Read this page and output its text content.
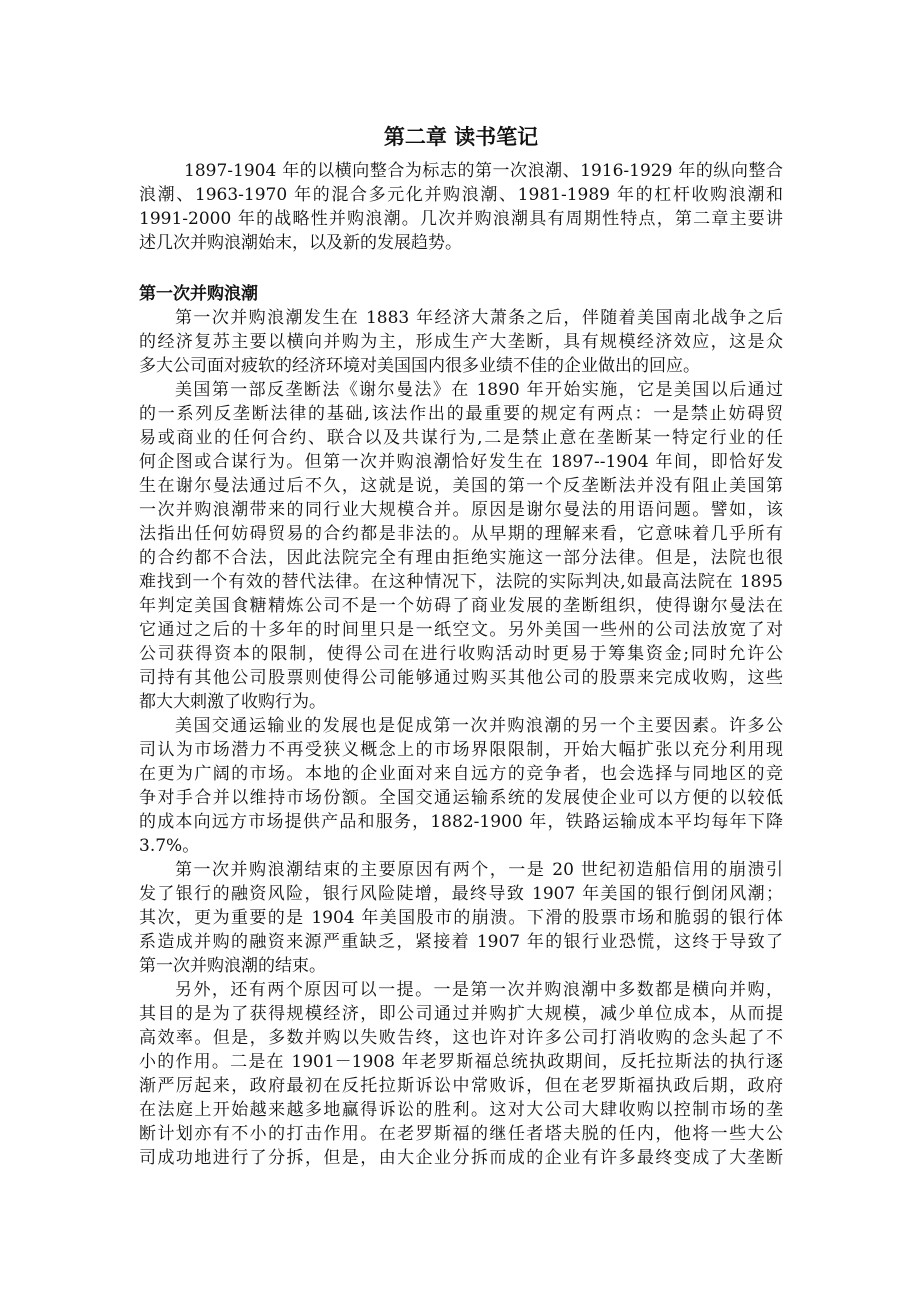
第二章 读书笔记
1897-1904 年的以横向整合为标志的第一次浪潮、1916-1929 年的纵向整合
浪潮、1963-1970 年的混合多元化并购浪潮、1981-1989 年的杠杆收购浪潮和
1991-2000 年的战略性并购浪潮。几次并购浪潮具有周期性特点，第二章主要讲
述几次并购浪潮始末，以及新的发展趋势。
第一次并购浪潮
第一次并购浪潮发生在 1883 年经济大萧条之后，伴随着美国南北战争之后
的经济复苏主要以横向并购为主，形成生产大垄断，具有规模经济效应，这是众
多大公司面对疲软的经济环境对美国国内很多业绩不佳的企业做出的回应。
美国第一部反垄断法《谢尔曼法》在 1890 年开始实施，它是美国以后通过
的一系列反垄断法律的基础,该法作出的最重要的规定有两点：一是禁止妨碍贸
易或商业的任何合约、联合以及共谋行为,二是禁止意在垄断某一特定行业的任
何企图或合谋行为。但第一次并购浪潮恰好发生在 1897--1904 年间，即恰好发
生在谢尔曼法通过后不久，这就是说，美国的第一个反垄断法并没有阻止美国第
一次并购浪潮带来的同行业大规模合并。原因是谢尔曼法的用语问题。譬如，该
法指出任何妨碍贸易的合约都是非法的。从早期的理解来看，它意味着几乎所有
的合约都不合法，因此法院完全有理由拒绝实施这一部分法律。但是，法院也很
难找到一个有效的替代法律。在这种情况下，法院的实际判决,如最高法院在 1895
年判定美国食糖精炼公司不是一个妨碍了商业发展的垄断组织，使得谢尔曼法在
它通过之后的十多年的时间里只是一纸空文。另外美国一些州的公司法放宽了对
公司获得资本的限制，使得公司在进行收购活动时更易于筹集资金;同时允许公
司持有其他公司股票则使得公司能够通过购买其他公司的股票来完成收购，这些
都大大刺激了收购行为。
美国交通运输业的发展也是促成第一次并购浪潮的另一个主要因素。许多公
司认为市场潜力不再受狭义概念上的市场界限限制，开始大幅扩张以充分利用现
在更为广阔的市场。本地的企业面对来自远方的竞争者，也会选择与同地区的竞
争对手合并以维持市场份额。全国交通运输系统的发展使企业可以方便的以较低
的成本向远方市场提供产品和服务，1882-1900 年，铁路运输成本平均每年下降
3.7%。
第一次并购浪潮结束的主要原因有两个，一是 20 世纪初造船信用的崩溃引
发了银行的融资风险，银行风险陡增，最终导致 1907 年美国的银行倒闭风潮；
其次，更为重要的是 1904 年美国股市的崩溃。下滑的股票市场和脆弱的银行体
系造成并购的融资来源严重缺乏，紧接着 1907 年的银行业恐慌，这终于导致了
第一次并购浪潮的结束。
另外，还有两个原因可以一提。一是第一次并购浪潮中多数都是横向并购，
其目的是为了获得规模经济，即公司通过并购扩大规模，减少单位成本，从而提
高效率。但是，多数并购以失败告终，这也许对许多公司打消收购的念头起了不
小的作用。二是在 1901－1908 年老罗斯福总统执政期间，反托拉斯法的执行逐
渐严厉起来，政府最初在反托拉斯诉讼中常败诉，但在老罗斯福执政后期，政府
在法庭上开始越来越多地赢得诉讼的胜利。这对大公司大肆收购以控制市场的垄
断计划亦有不小的打击作用。在老罗斯福的继任者塔夫脱的任内，他将一些大公
司成功地进行了分拆，但是，由大企业分拆而成的企业有许多最终变成了大垄断
